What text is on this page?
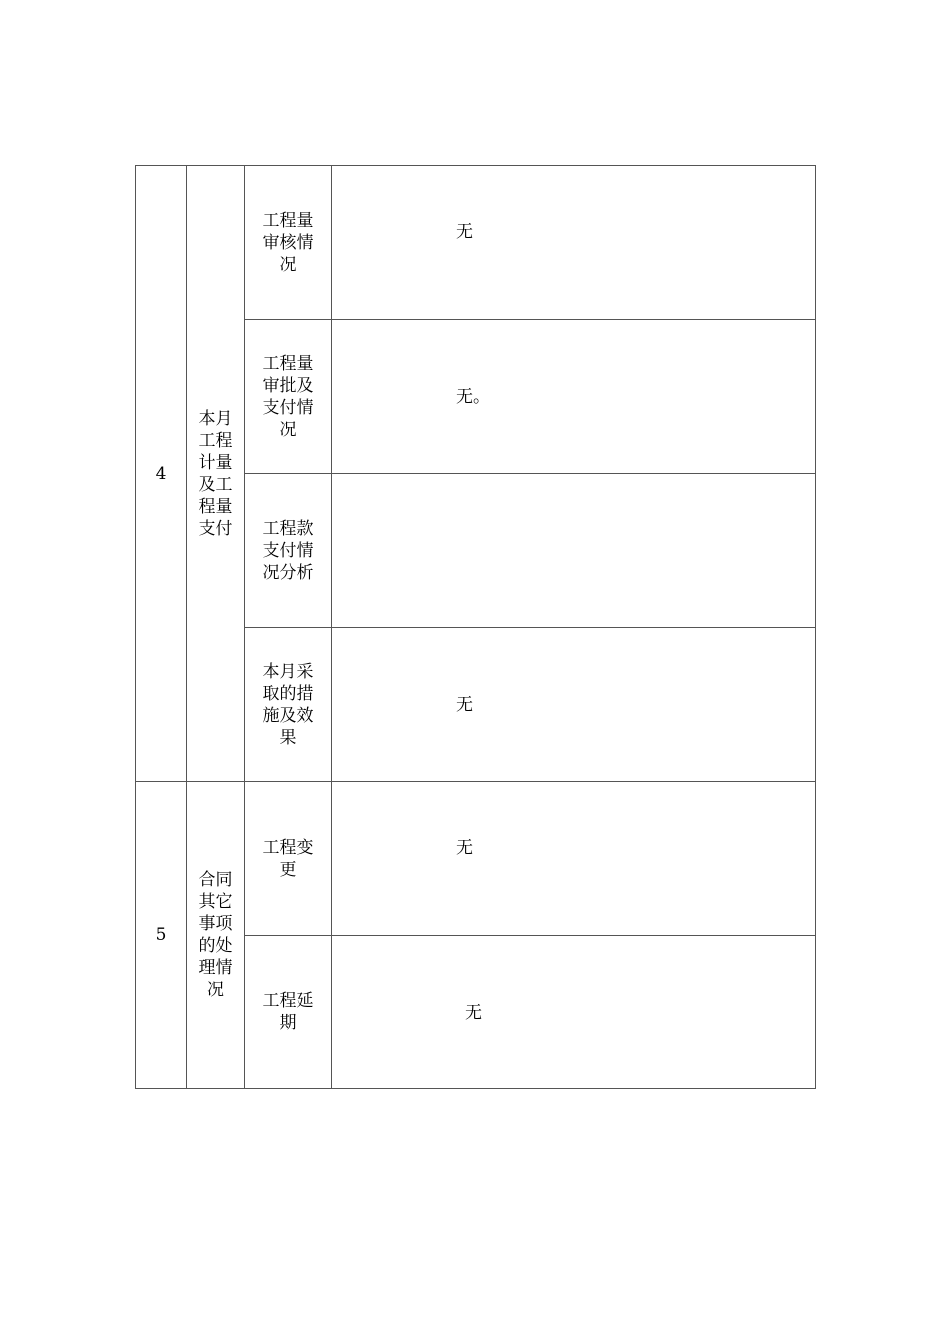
4	本月工程计量及工程量支付	工程量审核情况	无

		工程量审批及支付情况	无。

		工程款支付情况分析	

		本月采取的措施及效果	无

5	合同其它事项的处理情况	工程变更	无

		工程延期	无
